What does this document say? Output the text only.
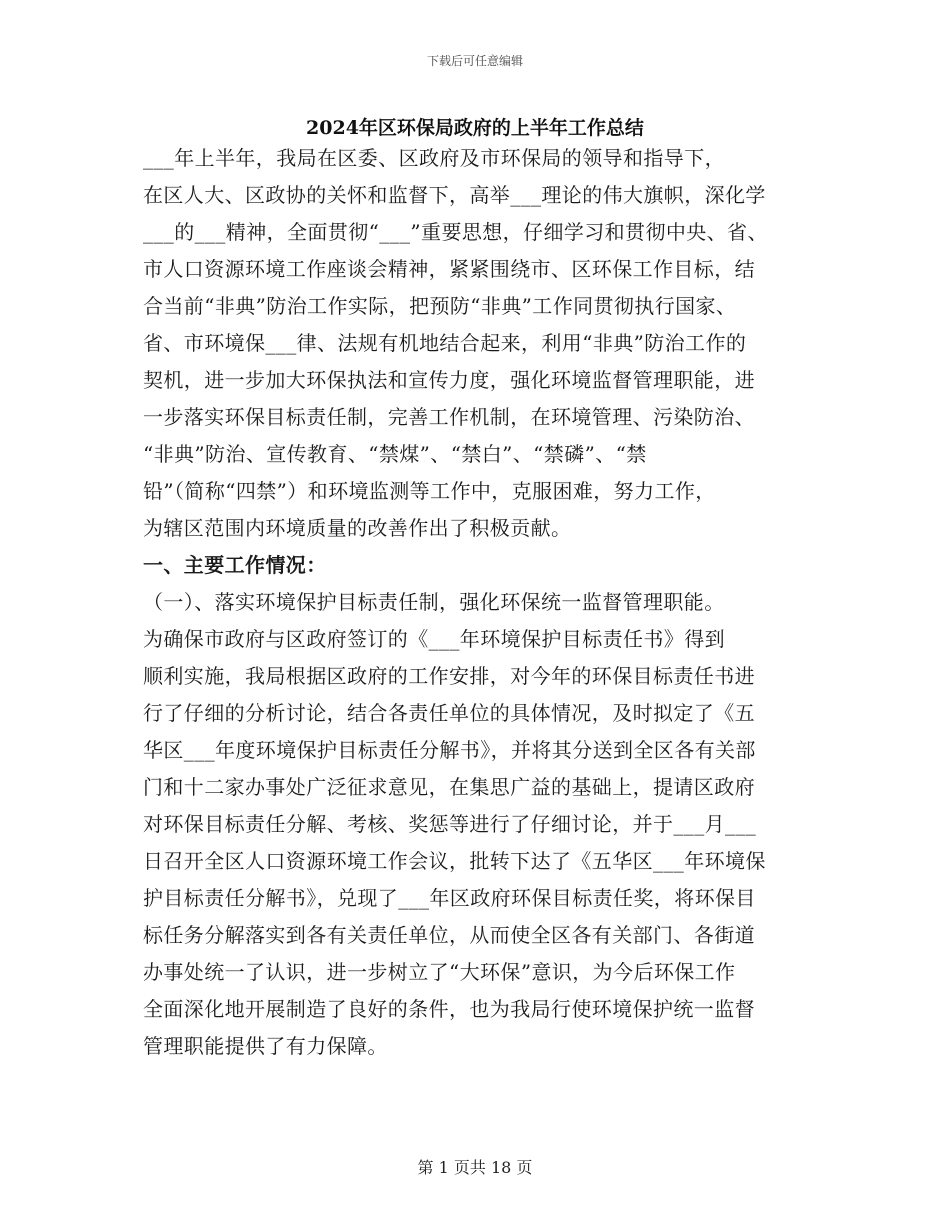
下载后可任意编辑
2024年区环保局政府的上半年工作总结
___年上半年，我局在区委、区政府及市环保局的领导和指导下，
在区人大、区政协的关怀和监督下，高举___理论的伟大旗帜，深化学
___的___精神，全面贯彻“___”重要思想，仔细学习和贯彻中央、省、
市人口资源环境工作座谈会精神，紧紧围绕市、区环保工作目标，结
合当前“非典”防治工作实际，把预防“非典”工作同贯彻执行国家、
省、市环境保___律、法规有机地结合起来，利用“非典”防治工作的
契机，进一步加大环保执法和宣传力度，强化环境监督管理职能，进
一步落实环保目标责任制，完善工作机制，在环境管理、污染防治、
“非典”防治、宣传教育、“禁煤”、“禁白”、“禁磷”、“禁
铅”（简称“四禁”）和环境监测等工作中，克服困难，努力工作，
为辖区范围内环境质量的改善作出了积极贡献。
一、主要工作情况：
（一）、落实环境保护目标责任制，强化环保统一监督管理职能。
为确保市政府与区政府签订的《___年环境保护目标责任书》得到
顺利实施，我局根据区政府的工作安排，对今年的环保目标责任书进
行了仔细的分析讨论，结合各责任单位的具体情况，及时拟定了《五
华区___年度环境保护目标责任分解书》，并将其分送到全区各有关部
门和十二家办事处广泛征求意见，在集思广益的基础上，提请区政府
对环保目标责任分解、考核、奖惩等进行了仔细讨论，并于___月___
日召开全区人口资源环境工作会议，批转下达了《五华区___年环境保
护目标责任分解书》，兑现了___年区政府环保目标责任奖，将环保目
标任务分解落实到各有关责任单位，从而使全区各有关部门、各街道
办事处统一了认识，进一步树立了“大环保”意识，为今后环保工作
全面深化地开展制造了良好的条件，也为我局行使环境保护统一监督
管理职能提供了有力保障。
第 1 页共 18 页
